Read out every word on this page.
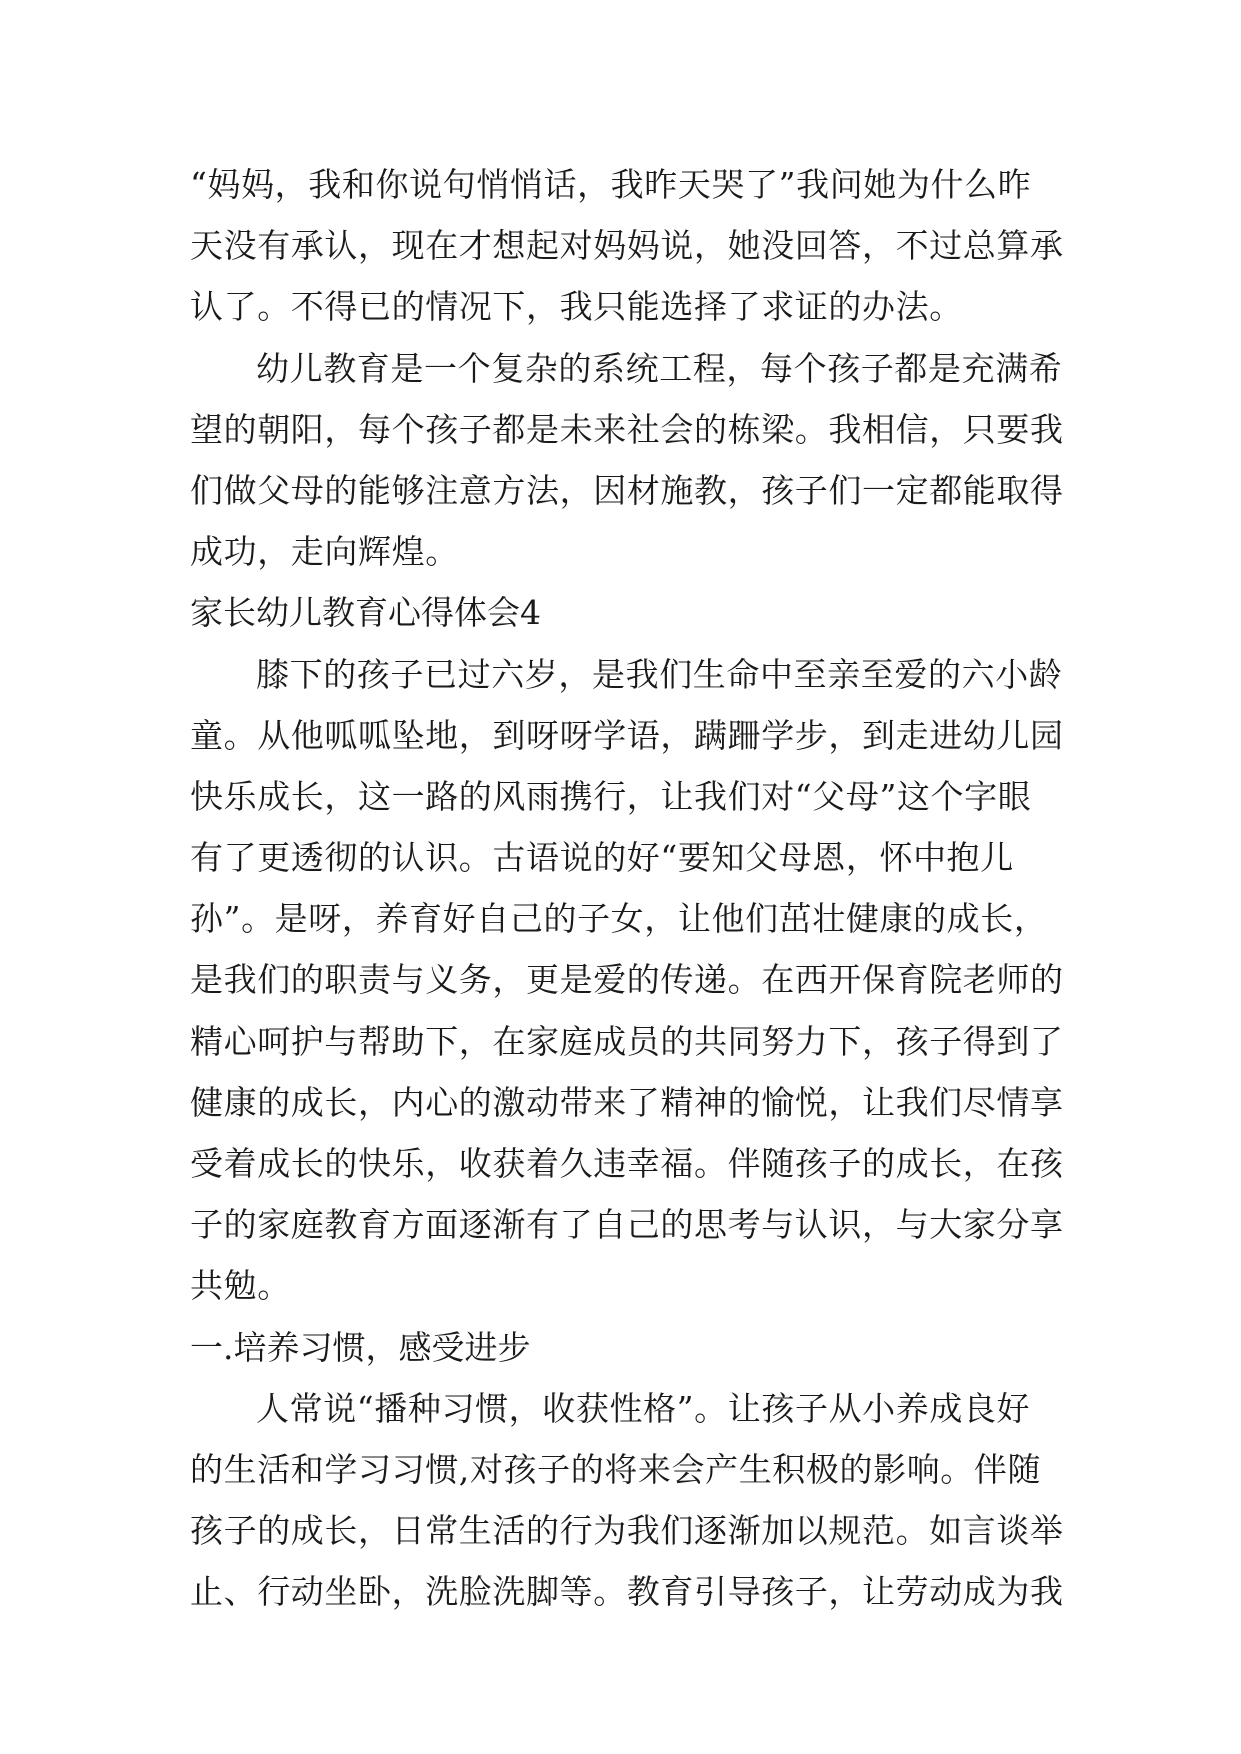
“妈妈，我和你说句悄悄话，我昨天哭了”我问她为什么昨
天没有承认，现在才想起对妈妈说，她没回答，不过总算承
认了。不得已的情况下，我只能选择了求证的办法。
幼儿教育是一个复杂的系统工程，每个孩子都是充满希
望的朝阳，每个孩子都是未来社会的栋梁。我相信，只要我
们做父母的能够注意方法，因材施教，孩子们一定都能取得
成功，走向辉煌。
家长幼儿教育心得体会4
膝下的孩子已过六岁，是我们生命中至亲至爱的六小龄
童。从他呱呱坠地，到呀呀学语，蹒跚学步，到走进幼儿园
快乐成长，这一路的风雨携行，让我们对“父母”这个字眼
有了更透彻的认识。古语说的好“要知父母恩，怀中抱儿
孙”。是呀，养育好自己的子女，让他们茁壮健康的成长，
是我们的职责与义务，更是爱的传递。在西开保育院老师的
精心呵护与帮助下，在家庭成员的共同努力下，孩子得到了
健康的成长，内心的激动带来了精神的愉悦，让我们尽情享
受着成长的快乐，收获着久违幸福。伴随孩子的成长，在孩
子的家庭教育方面逐渐有了自己的思考与认识，与大家分享
共勉。
一.培养习惯，感受进步
人常说“播种习惯，收获性格”。让孩子从小养成良好
的生活和学习习惯,对孩子的将来会产生积极的影响。伴随
孩子的成长，日常生活的行为我们逐渐加以规范。如言谈举
止、行动坐卧，洗脸洗脚等。教育引导孩子，让劳动成为我
